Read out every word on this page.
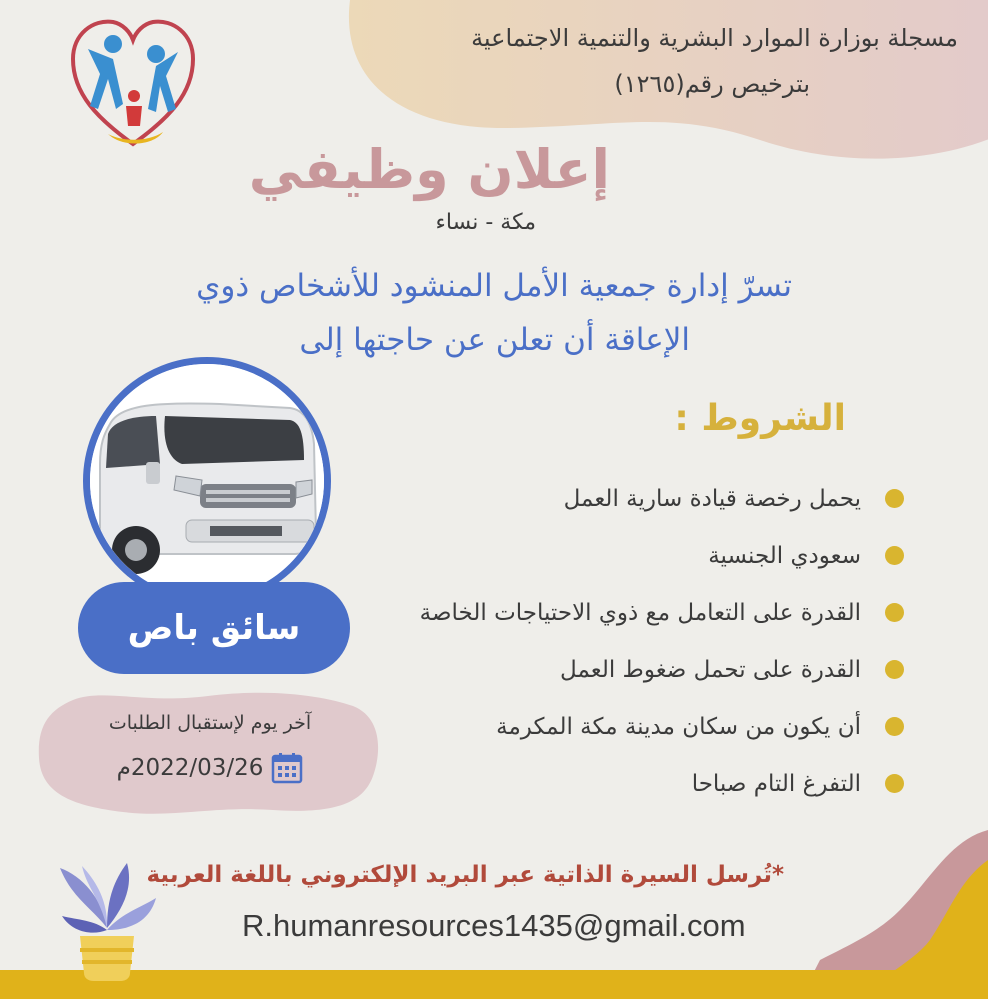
مسجلة بوزارة الموارد البشرية والتنمية الاجتماعية
بترخيص رقم(١٢٦٥)
إعلان وظيفي
مكة - نساء
تسرّ إدارة جمعية الأمل المنشود للأشخاص ذوي
الإعاقة أن تعلن عن حاجتها إلى
الشروط :
يحمل رخصة قيادة سارية العمل
سعودي الجنسية
القدرة على التعامل مع ذوي الاحتياجات الخاصة
القدرة على تحمل ضغوط العمل
أن يكون من سكان مدينة مكة المكرمة
التفرغ التام صباحا
سائق باص
آخر يوم لإستقبال الطلبات
2022/03/26م
*تُرسل السيرة الذاتية عبر البريد الإلكتروني باللغة العربية
R.humanresources1435@gmail.com
